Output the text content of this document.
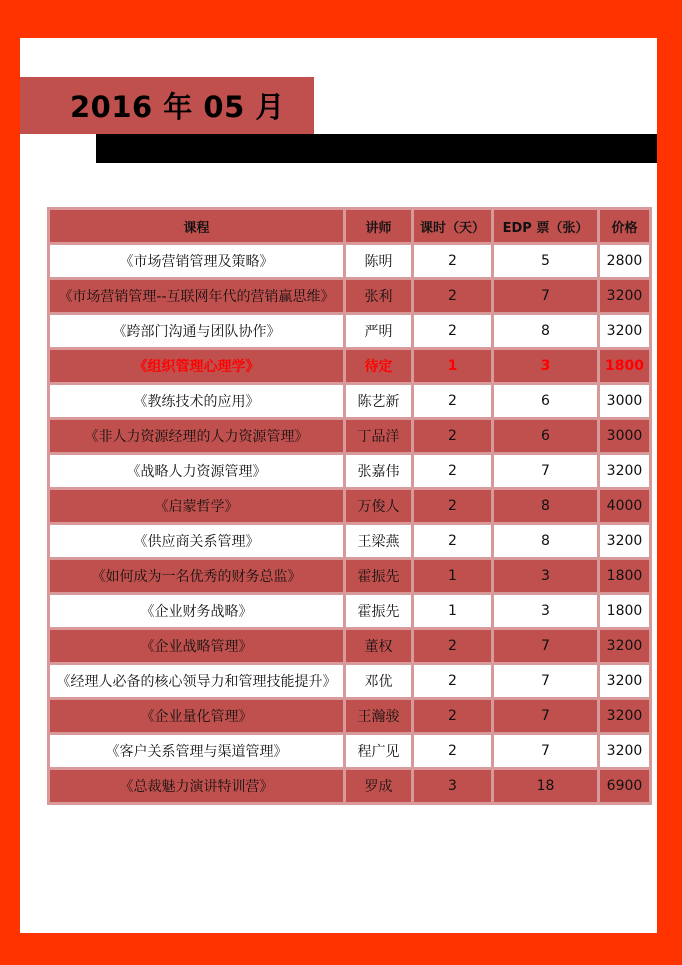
2016 年 05 月
课程	讲师	课时（天）	EDP 票（张）	价格
《市场营销管理及策略》	陈明	2	5	2800
《市场营销管理--互联网年代的营销赢思维》	张利	2	7	3200
《跨部门沟通与团队协作》	严明	2	8	3200
《组织管理心理学》	待定	1	3	1800
《教练技术的应用》	陈艺新	2	6	3000
《非人力资源经理的人力资源管理》	丁品洋	2	6	3000
《战略人力资源管理》	张嘉伟	2	7	3200
《启蒙哲学》	万俊人	2	8	4000
《供应商关系管理》	王梁燕	2	8	3200
《如何成为一名优秀的财务总监》	霍振先	1	3	1800
《企业财务战略》	霍振先	1	3	1800
《企业战略管理》	董权	2	7	3200
《经理人必备的核心领导力和管理技能提升》	邓优	2	7	3200
《企业量化管理》	王瀚骏	2	7	3200
《客户关系管理与渠道管理》	程广见	2	7	3200
《总裁魅力演讲特训营》	罗成	3	18	6900
